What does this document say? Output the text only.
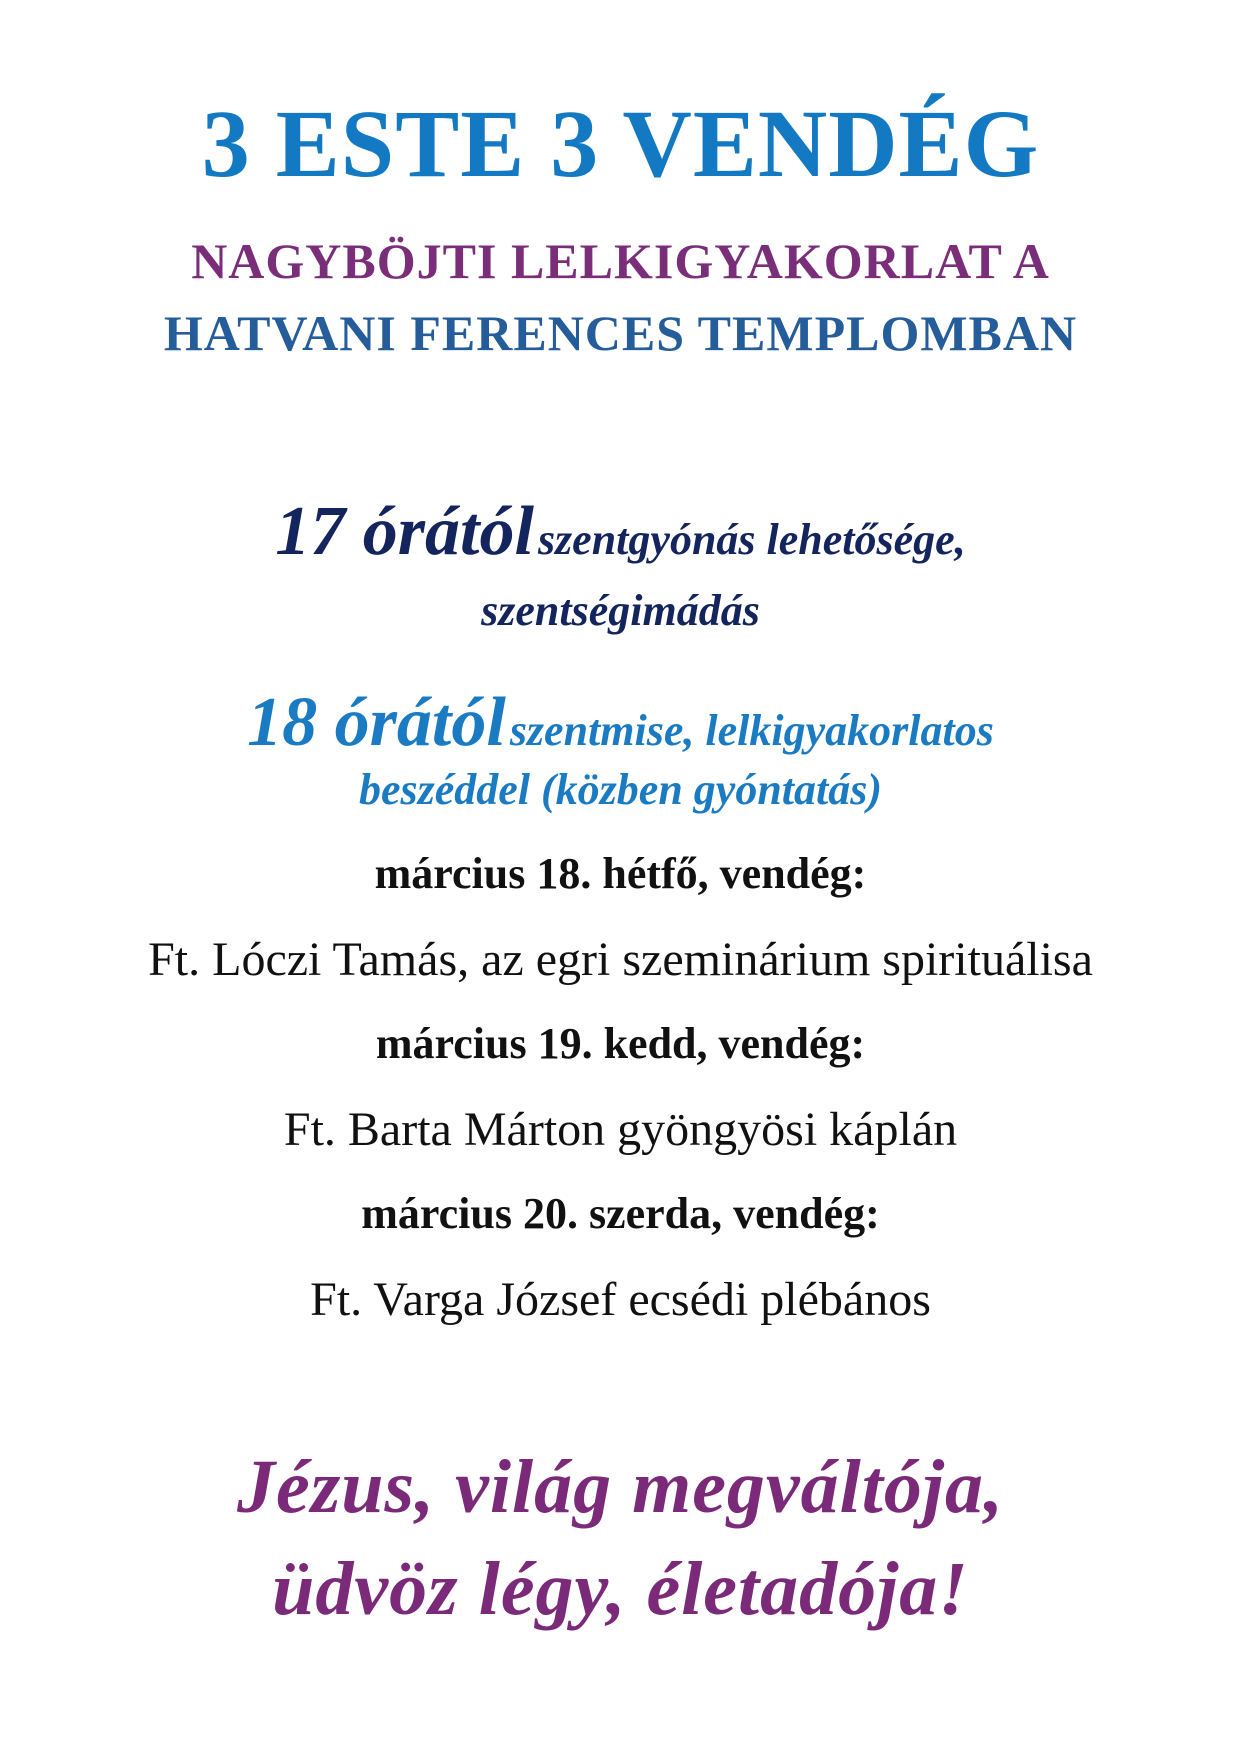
3 ESTE 3 VENDÉG
NAGYBÖJTI LELKIGYAKORLAT A
HATVANI FERENCES TEMPLOMBAN
17 órától szentgyónás lehetősége,
szentségimádás
18 órától szentmise, lelkigyakorlatos
beszéddel (közben gyóntatás)
március 18. hétfő, vendég:
Ft. Lóczi Tamás, az egri szeminárium spirituálisa
március 19. kedd, vendég:
Ft. Barta Márton gyöngyösi káplán
március 20. szerda, vendég:
Ft. Varga József ecsédi plébános
Jézus, világ megváltója,
üdvöz légy, életadója!
